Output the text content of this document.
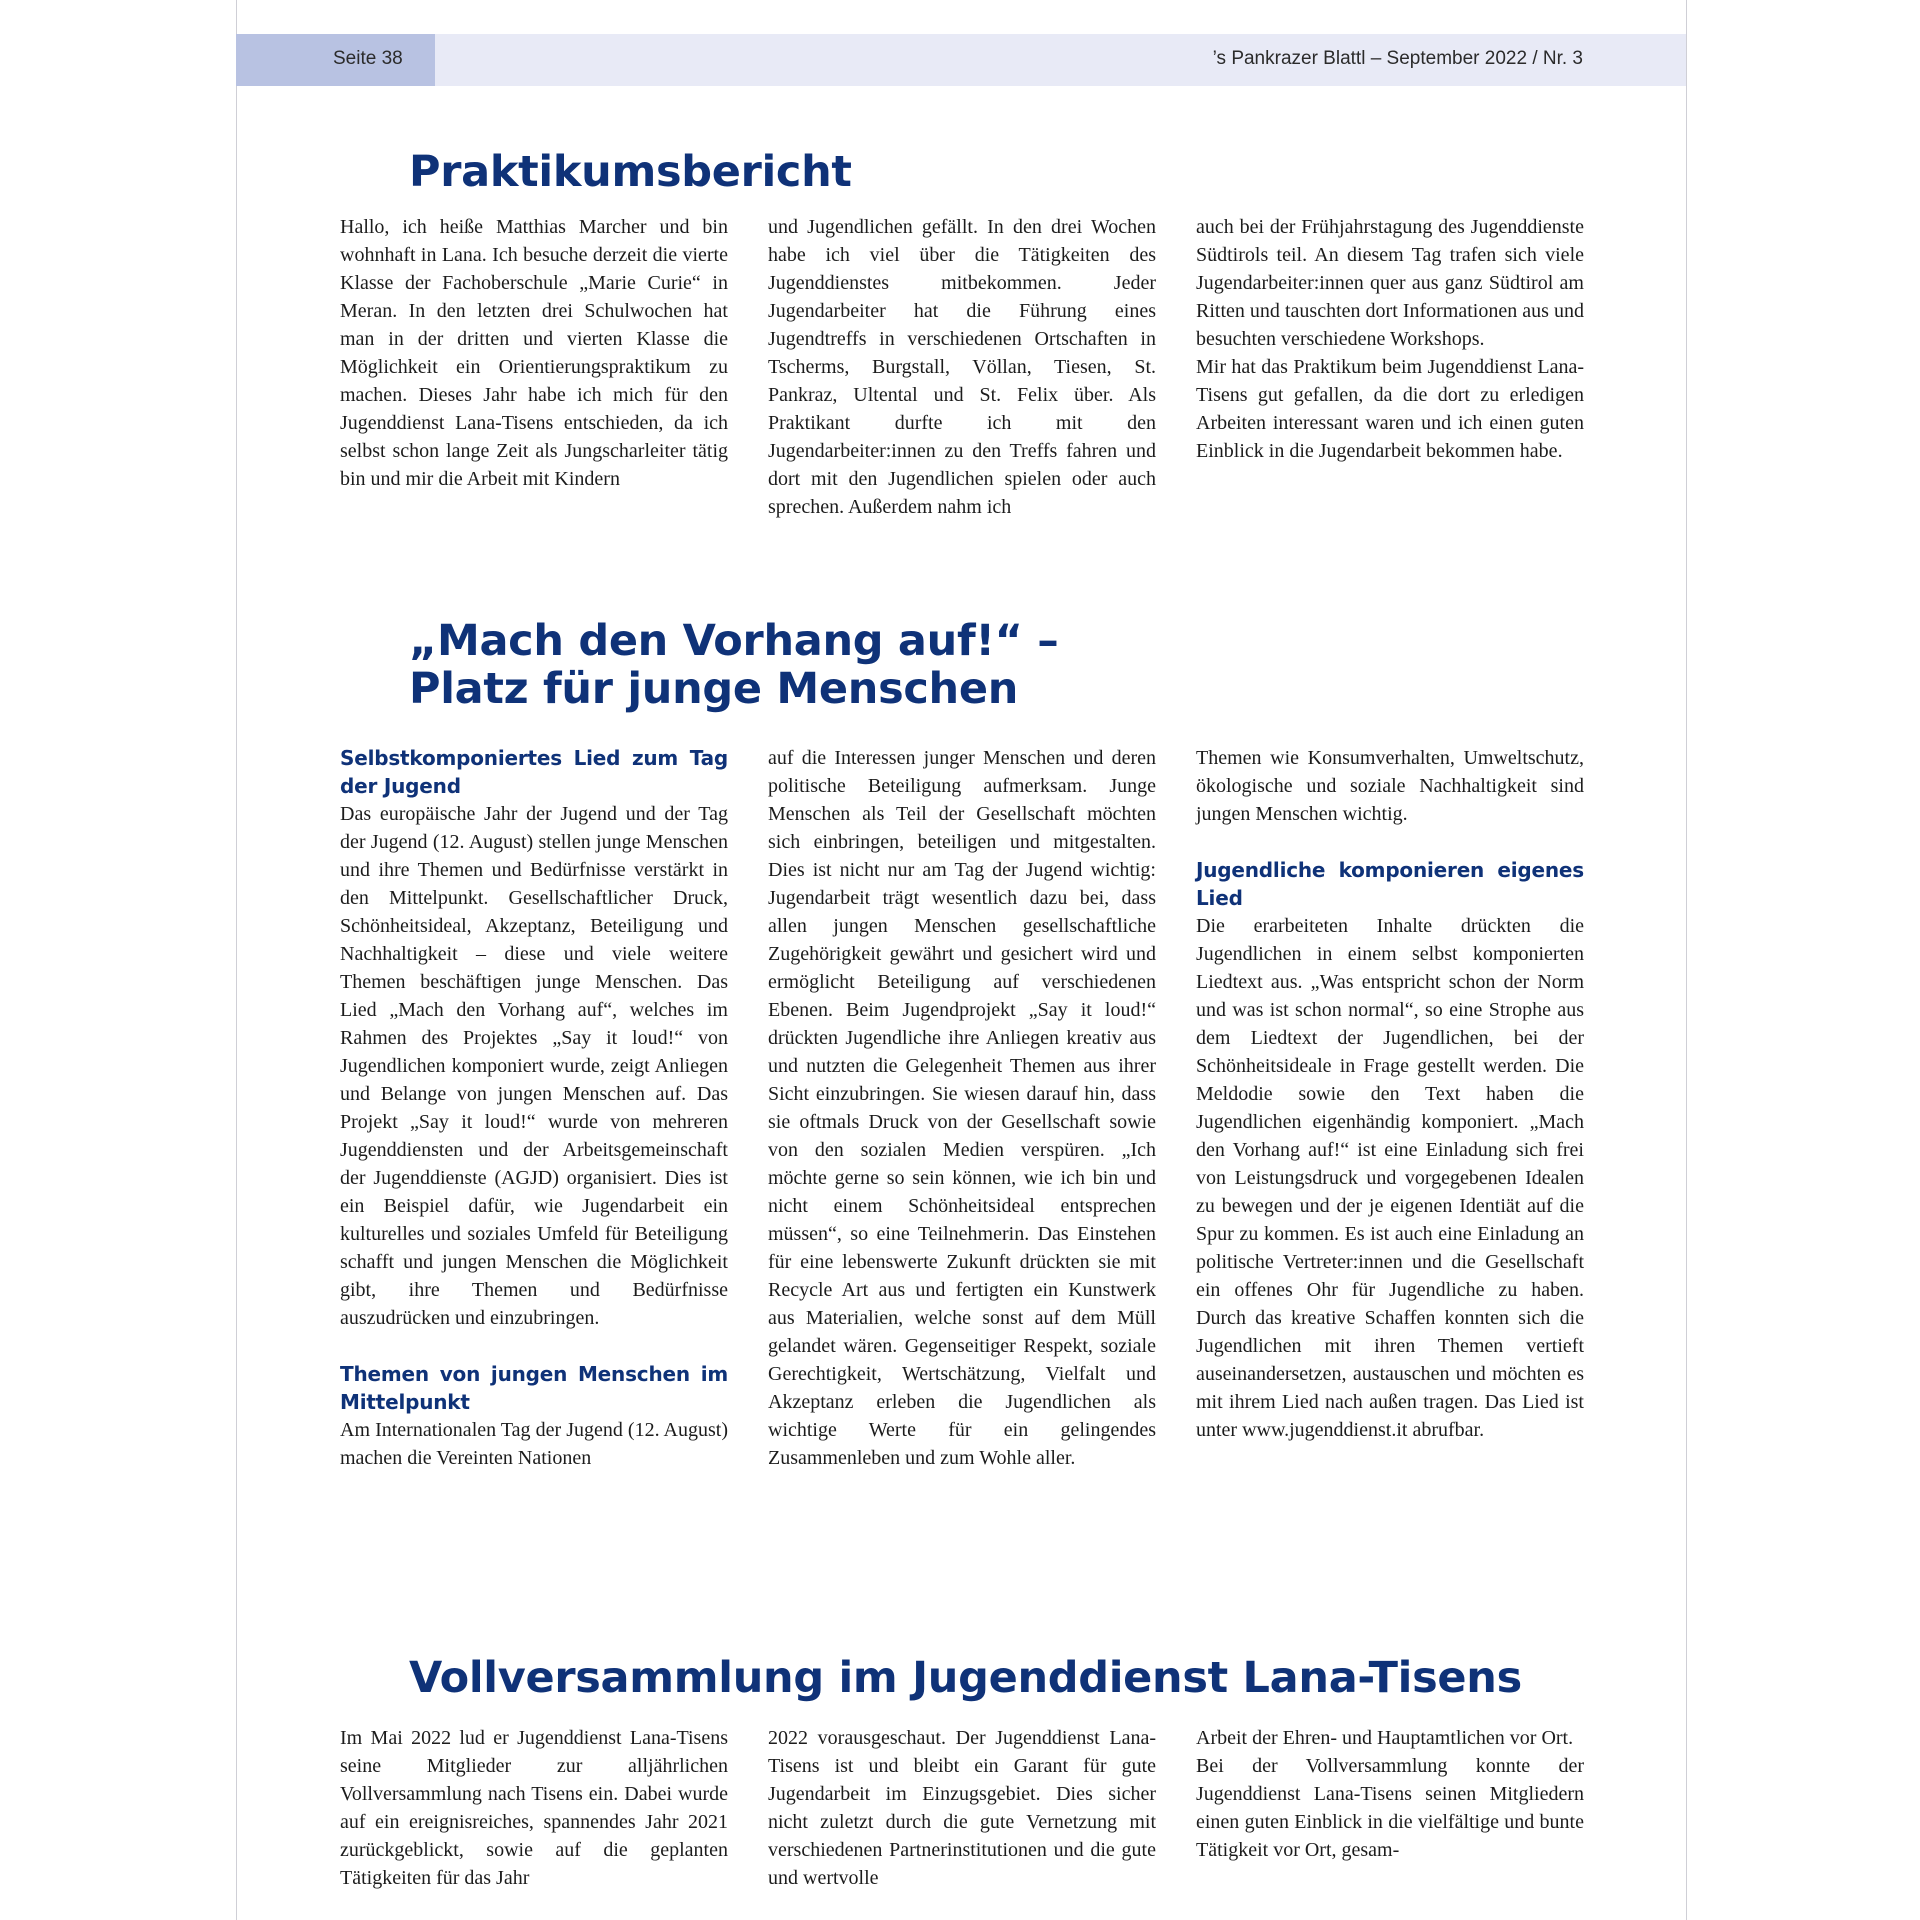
Seite 38	’s Pankrazer Blattl – September 2022 / Nr. 3
Praktikumsbericht

Hallo, ich heiße Matthias Marcher und bin wohnhaft in Lana. Ich besuche derzeit die vierte Klasse der Fachoberschule „Marie Curie“ in Meran. In den letzten drei Schulwochen hat man in der dritten und vierten Klasse die Möglichkeit ein Orientierungspraktikum zu machen. Dieses Jahr habe ich mich für den Jugenddienst Lana-Tisens entschieden, da ich selbst schon lange Zeit als Jungscharleiter tätig bin und mir die Arbeit mit Kindern

und Jugendlichen gefällt. In den drei Wochen habe ich viel über die Tätigkeiten des Jugenddienstes mitbekommen. Jeder Jugendarbeiter hat die Führung eines Jugendtreffs in verschiedenen Ortschaften in Tscherms, Burgstall, Völlan, Tiesen, St. Pankraz, Ultental und St. Felix über. Als Praktikant durfte ich mit den Jugendarbeiter:innen zu den Treffs fahren und dort mit den Jugendlichen spielen oder auch sprechen. Außerdem nahm ich

auch bei der Frühjahrstagung des Jugenddienste Südtirols teil. An diesem Tag trafen sich viele Jugendarbeiter:innen quer aus ganz Südtirol am Ritten und tauschten dort Informationen aus und besuchten verschiedene Workshops.

Mir hat das Praktikum beim Jugenddienst Lana-Tisens gut gefallen, da die dort zu erledigen Arbeiten interessant waren und ich einen guten Einblick in die Jugendarbeit bekommen habe.

„Mach den Vorhang auf!“ –
Platz für junge Menschen
Selbstkomponiertes Lied zum Tag der Jugend

Das europäische Jahr der Jugend und der Tag der Jugend (12. August) stellen junge Menschen und ihre Themen und Bedürfnisse verstärkt in den Mittelpunkt. Gesellschaftlicher Druck, Schönheitsideal, Akzeptanz, Beteiligung und Nachhaltigkeit – diese und viele weitere Themen beschäftigen junge Menschen. Das Lied „Mach den Vorhang auf“, welches im Rahmen des Projektes „Say it loud!“ von Jugendlichen komponiert wurde, zeigt Anliegen und Belange von jungen Menschen auf. Das Projekt „Say it loud!“ wurde von mehreren Jugenddiensten und der Arbeitsgemeinschaft der Jugenddienste (AGJD) organisiert. Dies ist ein Beispiel dafür, wie Jugendarbeit ein kulturelles und soziales Umfeld für Beteiligung schafft und jungen Menschen die Möglichkeit gibt, ihre Themen und Bedürfnisse auszudrücken und einzubringen.

Themen von jungen Menschen im Mittelpunkt

Am Internationalen Tag der Jugend (12. August) machen die Vereinten Nationen

auf die Interessen junger Menschen und deren politische Beteiligung aufmerksam. Junge Menschen als Teil der Gesellschaft möchten sich einbringen, beteiligen und mitgestalten. Dies ist nicht nur am Tag der Jugend wichtig: Jugendarbeit trägt wesentlich dazu bei, dass allen jungen Menschen gesellschaftliche Zugehörigkeit gewährt und gesichert wird und ermöglicht Beteiligung auf verschiedenen Ebenen. Beim Jugendprojekt „Say it loud!“ drückten Jugendliche ihre Anliegen kreativ aus und nutzten die Gelegenheit Themen aus ihrer Sicht einzubringen. Sie wiesen darauf hin, dass sie oftmals Druck von der Gesellschaft sowie von den sozialen Medien verspüren. „Ich möchte gerne so sein können, wie ich bin und nicht einem Schönheitsideal entsprechen müssen“, so eine Teilnehmerin. Das Einstehen für eine lebenswerte Zukunft drückten sie mit Recycle Art aus und fertigten ein Kunstwerk aus Materialien, welche sonst auf dem Müll gelandet wären. Gegenseitiger Respekt, soziale Gerechtigkeit, Wertschätzung, Vielfalt und Akzeptanz erleben die Jugendlichen als wichtige Werte für ein gelingendes Zusammenleben und zum Wohle aller.

Themen wie Konsumverhalten, Umweltschutz, ökologische und soziale Nachhaltigkeit sind jungen Menschen wichtig.

Jugendliche komponieren eigenes Lied

Die erarbeiteten Inhalte drückten die Jugendlichen in einem selbst komponierten Liedtext aus. „Was entspricht schon der Norm und was ist schon normal“, so eine Strophe aus dem Liedtext der Jugendlichen, bei der Schönheitsideale in Frage gestellt werden. Die Meldodie sowie den Text haben die Jugendlichen eigenhändig komponiert. „Mach den Vorhang auf!“ ist eine Einladung sich frei von Leistungsdruck und vorgegebenen Idealen zu bewegen und der je eigenen Identiät auf die Spur zu kommen. Es ist auch eine Einladung an politische Vertreter:innen und die Gesellschaft ein offenes Ohr für Jugendliche zu haben. Durch das kreative Schaffen konnten sich die Jugendlichen mit ihren Themen vertieft auseinandersetzen, austauschen und möchten es mit ihrem Lied nach außen tragen. Das Lied ist unter www.jugenddienst.it abrufbar.

Vollversammlung im Jugenddienst Lana-Tisens

Im Mai 2022 lud er Jugenddienst Lana-Tisens seine Mitglieder zur alljährlichen Vollversammlung nach Tisens ein. Dabei wurde auf ein ereignisreiches, spannendes Jahr 2021 zurückgeblickt, sowie auf die geplanten Tätigkeiten für das Jahr

2022 vorausgeschaut. Der Jugenddienst Lana-Tisens ist und bleibt ein Garant für gute Jugendarbeit im Einzugsgebiet. Dies sicher nicht zuletzt durch die gute Vernetzung mit verschiedenen Partnerinstitutionen und die gute und wertvolle

Arbeit der Ehren- und Hauptamtlichen vor Ort.

Bei der Vollversammlung konnte der Jugenddienst Lana-Tisens seinen Mitgliedern einen guten Einblick in die vielfältige und bunte Tätigkeit vor Ort, gesam-
